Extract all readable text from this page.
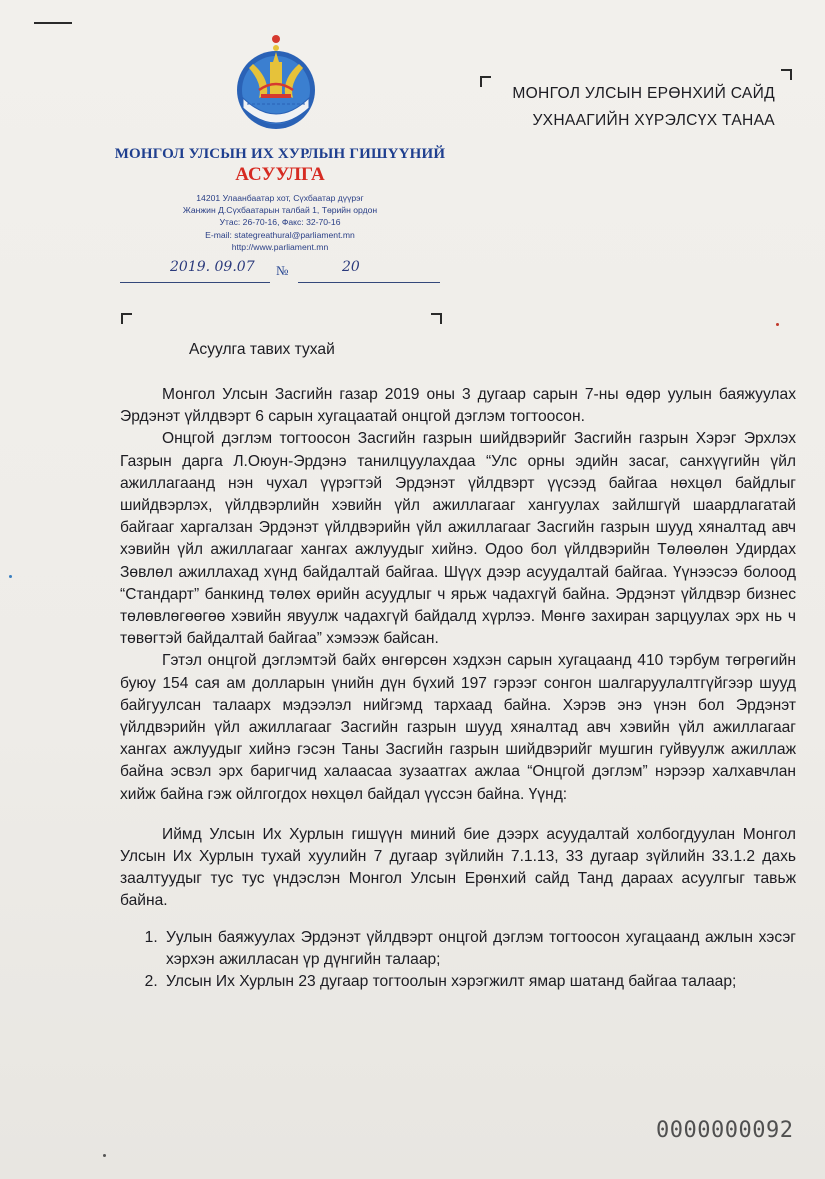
МОНГОЛ УЛСЫН ИХ ХУРЛЫН ГИШҮҮНИЙ
АСУУЛГА
14201 Улаанбаатар хот, Сүхбаатар дүүрэг
Жанжин Д.Сүхбаатарын талбай 1, Төрийн ордон
Утас: 26-70-16, Факс: 32-70-16
E-mail: stategreathural@parliament.mn
http://www.parliament.mn
2019. 09.07 №	20
МОНГОЛ УЛСЫН ЕРӨНХИЙ САЙД
УХНААГИЙН ХҮРЭЛСҮХ ТАНАА
Асуулга тавих тухай

Монгол Улсын Засгийн газар 2019 оны 3 дугаар сарын 7-ны өдөр уулын баяжуулах Эрдэнэт үйлдвэрт 6 сарын хугацаатай онцгой дэглэм тогтоосон.

Онцгой дэглэм тогтоосон Засгийн газрын шийдвэрийг Засгийн газрын Хэрэг Эрхлэх Газрын дарга Л.Оюун-Эрдэнэ танилцуулахдаа “Улс орны эдийн засаг, санхүүгийн үйл ажиллагаанд нэн чухал үүрэгтэй Эрдэнэт үйлдвэрт үүсээд байгаа нөхцөл байдлыг шийдвэрлэх, үйлдвэрлийн хэвийн үйл ажиллагааг хангуулах зайлшгүй шаардлагатай байгааг харгалзан Эрдэнэт үйлдвэрийн үйл ажиллагааг Засгийн газрын шууд хяналтад авч хэвийн үйл ажиллагааг хангах ажлуудыг хийнэ. Одоо бол үйлдвэрийн Төлөөлөн Удирдах Зөвлөл ажиллахад хүнд байдалтай байгаа. Шүүх дээр асуудалтай байгаа. Үүнээсээ болоод “Стандарт” банкинд төлөх өрийн асуудлыг ч ярьж чадахгүй байна. Эрдэнэт үйлдвэр бизнес төлөвлөгөөгөө хэвийн явуулж чадахгүй байдалд хүрлээ. Мөнгө захиран зарцуулах эрх нь ч төвөгтэй байдалтай байгаа” хэмээж байсан.

Гэтэл онцгой дэглэмтэй байх өнгөрсөн хэдхэн сарын хугацаанд 410 тэрбум төгрөгийн буюу 154 сая ам долларын үнийн дүн бүхий 197 гэрээг сонгон шалгаруулалтгүйгээр шууд байгуулсан талаарх мэдээлэл нийгэмд тархаад байна. Хэрэв энэ үнэн бол Эрдэнэт үйлдвэрийн үйл ажиллагааг Засгийн газрын шууд хяналтад авч хэвийн үйл ажиллагааг хангах ажлуудыг хийнэ гэсэн Таны Засгийн газрын шийдвэрийг мушгин гуйвуулж ажиллаж байна эсвэл эрх баригчид халаасаа зузаатгах ажлаа “Онцгой дэглэм” нэрээр халхавчлан хийж байна гэж ойлгогдох нөхцөл байдал үүссэн байна. Үүнд:

Иймд Улсын Их Хурлын гишүүн миний бие дээрх асуудалтай холбогдуулан Монгол Улсын Их Хурлын тухай хуулийн 7 дугаар зүйлийн 7.1.13, 33 дугаар зүйлийн 33.1.2 дахь заалтуудыг тус тус үндэслэн Монгол Улсын Ерөнхий сайд Танд дараах асуулгыг тавьж байна.

1. Уулын баяжуулах Эрдэнэт үйлдвэрт онцгой дэглэм тогтоосон хугацаанд ажлын хэсэг хэрхэн ажилласан үр дүнгийн талаар;
2. Улсын Их Хурлын 23 дугаар тогтоолын хэрэгжилт ямар шатанд байгаа талаар;
0000000092
